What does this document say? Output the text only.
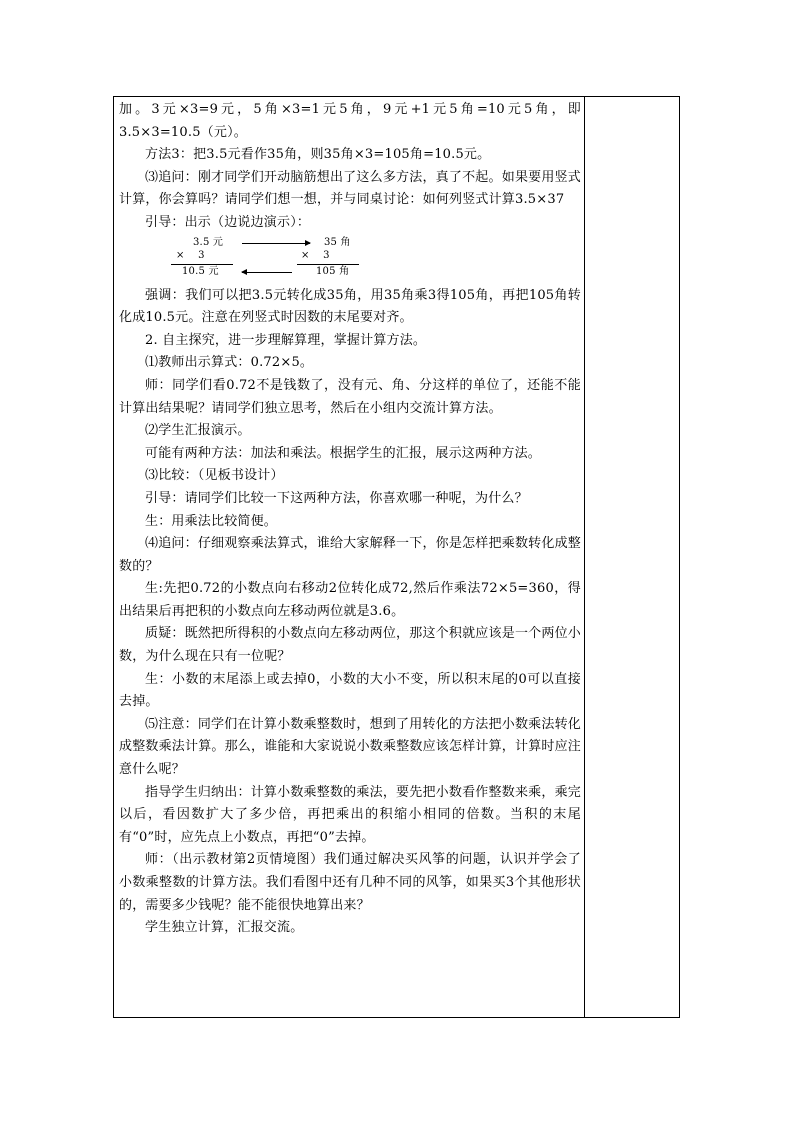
加。3元×3=9元，5角×3=1元5角，9元+1元5角=10元5角，即3.5×3=10.5（元）。

方法3：把3.5元看作35角，则35角×3=105角=10.5元。

⑶追问：刚才同学们开动脑筋想出了这么多方法，真了不起。如果要用竖式计算，你会算吗？请同学们想一想，并与同桌讨论：如何列竖式计算3.5×37

引导：出示（边说边演示）：

3.5 元
×    3
10.5 元
35 角
×    3
105 角

强调：我们可以把3.5元转化成35角，用35角乘3得105角，再把105角转化成10.5元。注意在列竖式时因数的末尾要对齐。

2. 自主探究，进一步理解算理，掌握计算方法。

⑴教师出示算式：0.72×5。

师：同学们看0.72不是钱数了，没有元、角、分这样的单位了，还能不能计算出结果呢？请同学们独立思考，然后在小组内交流计算方法。

⑵学生汇报演示。

可能有两种方法：加法和乘法。根据学生的汇报，展示这两种方法。

⑶比较：（见板书设计）

引导：请同学们比较一下这两种方法，你喜欢哪一种呢，为什么？

生：用乘法比较简便。

⑷追问：仔细观察乘法算式，谁给大家解释一下，你是怎样把乘数转化成整数的？

生:先把0.72的小数点向右移动2位转化成72,然后作乘法72×5=360，得出结果后再把积的小数点向左移动两位就是3.6。

质疑：既然把所得积的小数点向左移动两位，那这个积就应该是一个两位小数，为什么现在只有一位呢？

生：小数的末尾添上或去掉0，小数的大小不变，所以积末尾的0可以直接去掉。

⑸注意：同学们在计算小数乘整数时，想到了用转化的方法把小数乘法转化成整数乘法计算。那么，谁能和大家说说小数乘整数应该怎样计算，计算时应注意什么呢？

指导学生归纳出：计算小数乘整数的乘法，要先把小数看作整数来乘，乘完以后，看因数扩大了多少倍，再把乘出的积缩小相同的倍数。当积的末尾有“0”时，应先点上小数点，再把“0”去掉。

师：（出示教材第2页情境图）我们通过解决买风筝的问题，认识并学会了小数乘整数的计算方法。我们看图中还有几种不同的风筝，如果买3个其他形状的，需要多少钱呢？能不能很快地算出来？

学生独立计算，汇报交流。
